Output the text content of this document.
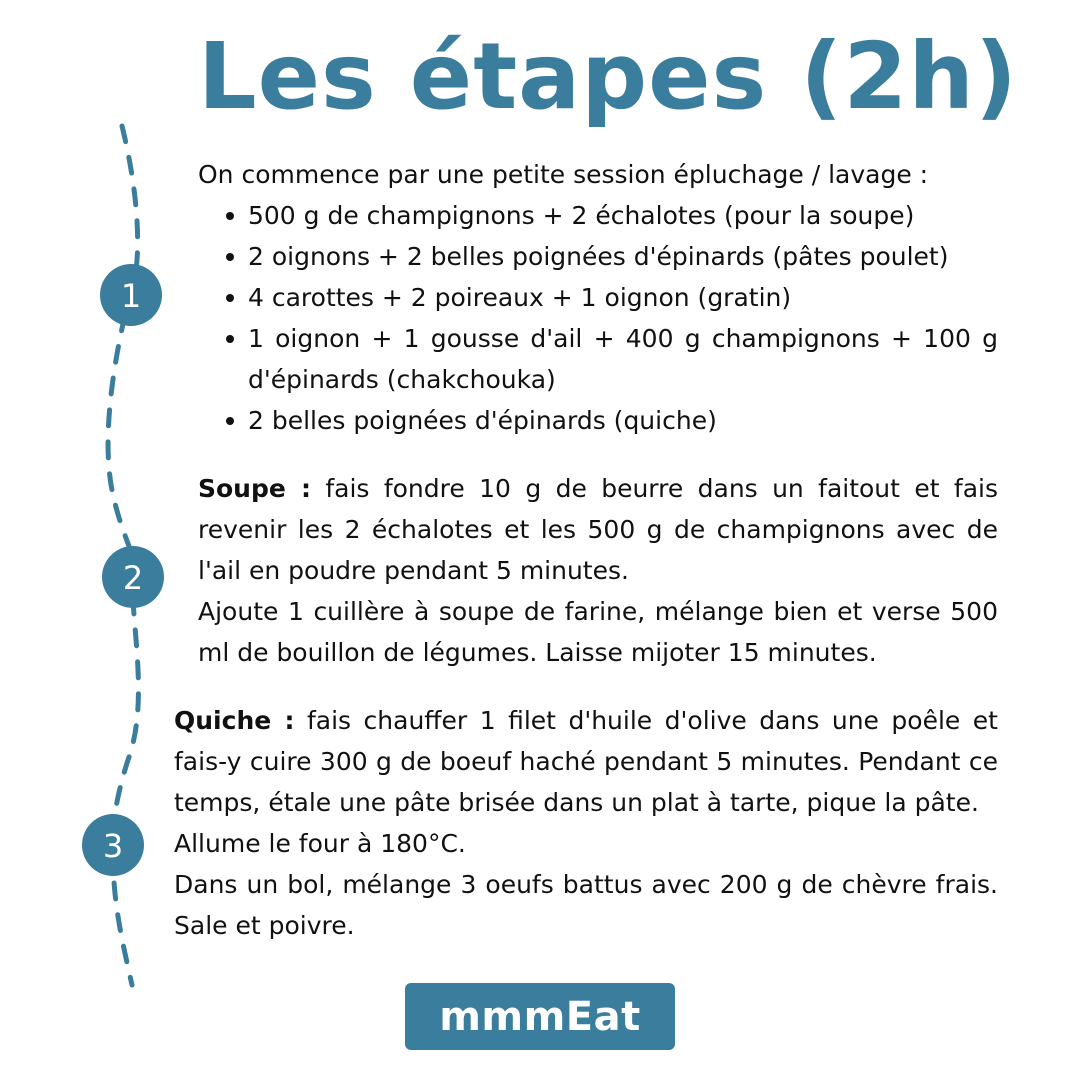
1
2
3
Les étapes (2h)

On commence par une petite session épluchage / lavage :

500 g de champignons + 2 échalotes (pour la soupe)
2 oignons + 2 belles poignées d'épinards (pâtes poulet)
4 carottes + 2 poireaux + 1 oignon (gratin)
1 oignon + 1 gousse d'ail + 400 g champignons + 100 g d'épinards (chakchouka)
2 belles poignées d'épinards (quiche)

Soupe : fais fondre 10 g de beurre dans un faitout et fais revenir les 2 échalotes et les 500 g de champignons avec de l'ail en poudre pendant 5 minutes.

Ajoute 1 cuillère à soupe de farine, mélange bien et verse 500 ml de bouillon de légumes. Laisse mijoter 15 minutes.

Quiche : fais chauffer 1 filet d'huile d'olive dans une poêle et fais-y cuire 300 g de boeuf haché pendant 5 minutes. Pendant ce temps, étale une pâte brisée dans un plat à tarte, pique la pâte.

Allume le four à 180°C.

Dans un bol, mélange 3 oeufs battus avec 200 g de chèvre frais. Sale et poivre.

mmmEat
